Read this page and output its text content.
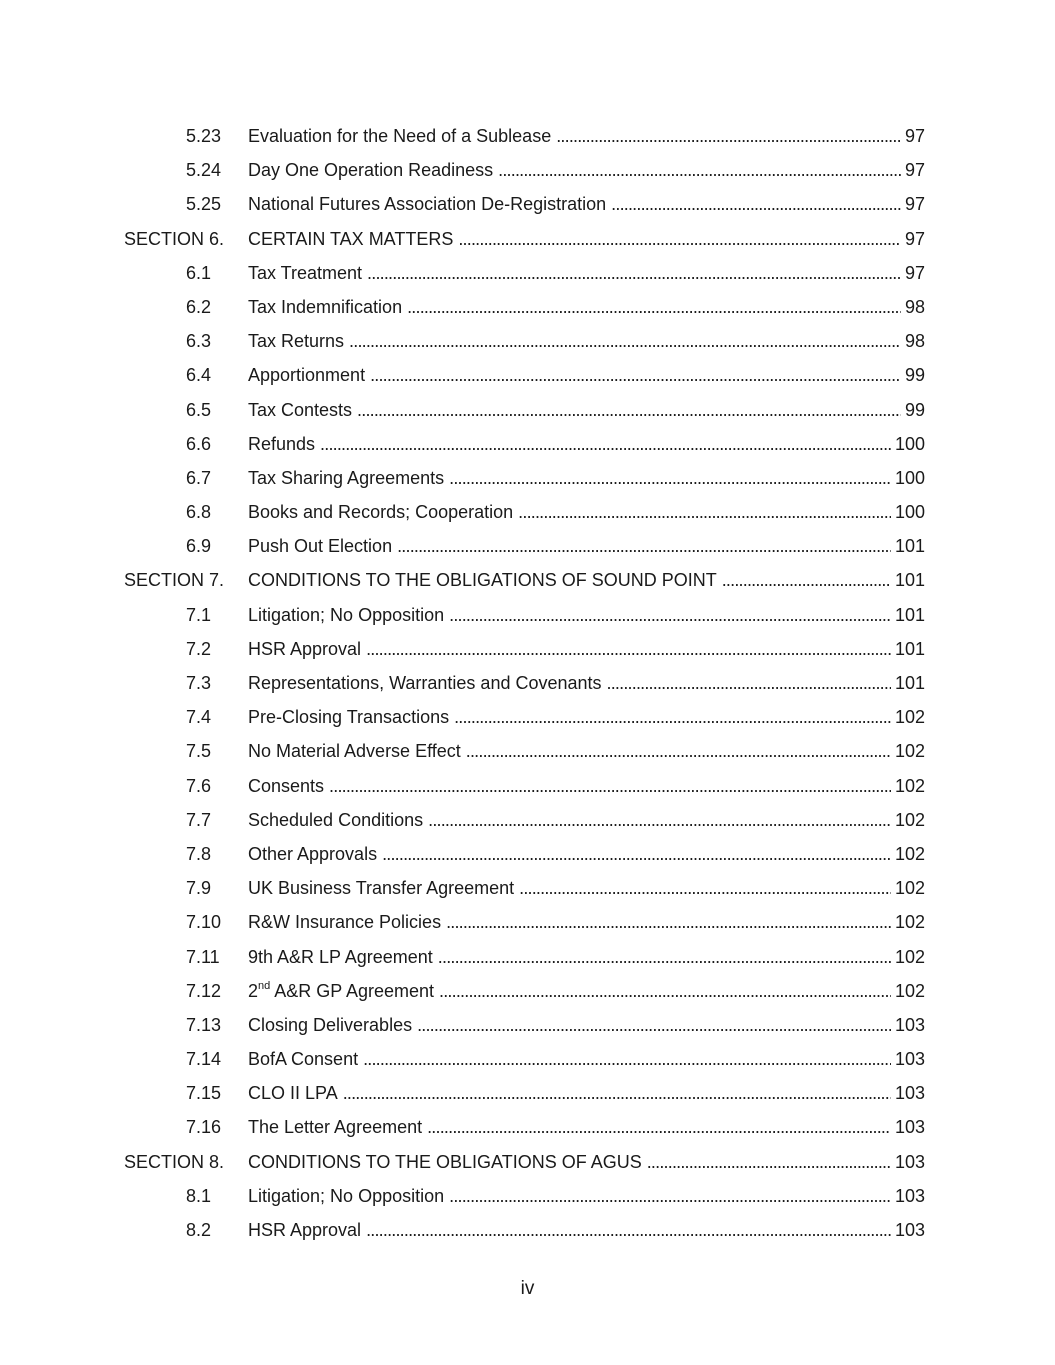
5.23 Evaluation for the Need of a Sublease . . .	97
5.24 Day One Operation Readiness . . .	97
5.25 National Futures Association De-Registration . . .	97
SECTION 6. CERTAIN TAX MATTERS . . .	97
6.1 Tax Treatment . . .	97
6.2 Tax Indemnification . . .	98
6.3 Tax Returns . . .	98
6.4 Apportionment . . .	99
6.5 Tax Contests . . .	99
6.6 Refunds . . .	100
6.7 Tax Sharing Agreements . . .	100
6.8 Books and Records; Cooperation . . .	100
6.9 Push Out Election . . .	101
SECTION 7. CONDITIONS TO THE OBLIGATIONS OF SOUND POINT . . .	101
7.1 Litigation; No Opposition . . .	101
7.2 HSR Approval . . .	101
7.3 Representations, Warranties and Covenants . . .	101
7.4 Pre-Closing Transactions . . .	102
7.5 No Material Adverse Effect . . .	102
7.6 Consents . . .	102
7.7 Scheduled Conditions . . .	102
7.8 Other Approvals . . .	102
7.9 UK Business Transfer Agreement . . .	102
7.10 R&W Insurance Policies . . .	102
7.11 9th A&R LP Agreement . . .	102
7.12 2nd A&R GP Agreement . . .	102
7.13 Closing Deliverables . . .	103
7.14 BofA Consent . . .	103
7.15 CLO II LPA . . .	103
7.16 The Letter Agreement . . .	103
SECTION 8. CONDITIONS TO THE OBLIGATIONS OF AGUS . . .	103
8.1 Litigation; No Opposition . . .	103
8.2 HSR Approval . . .	103
iv
